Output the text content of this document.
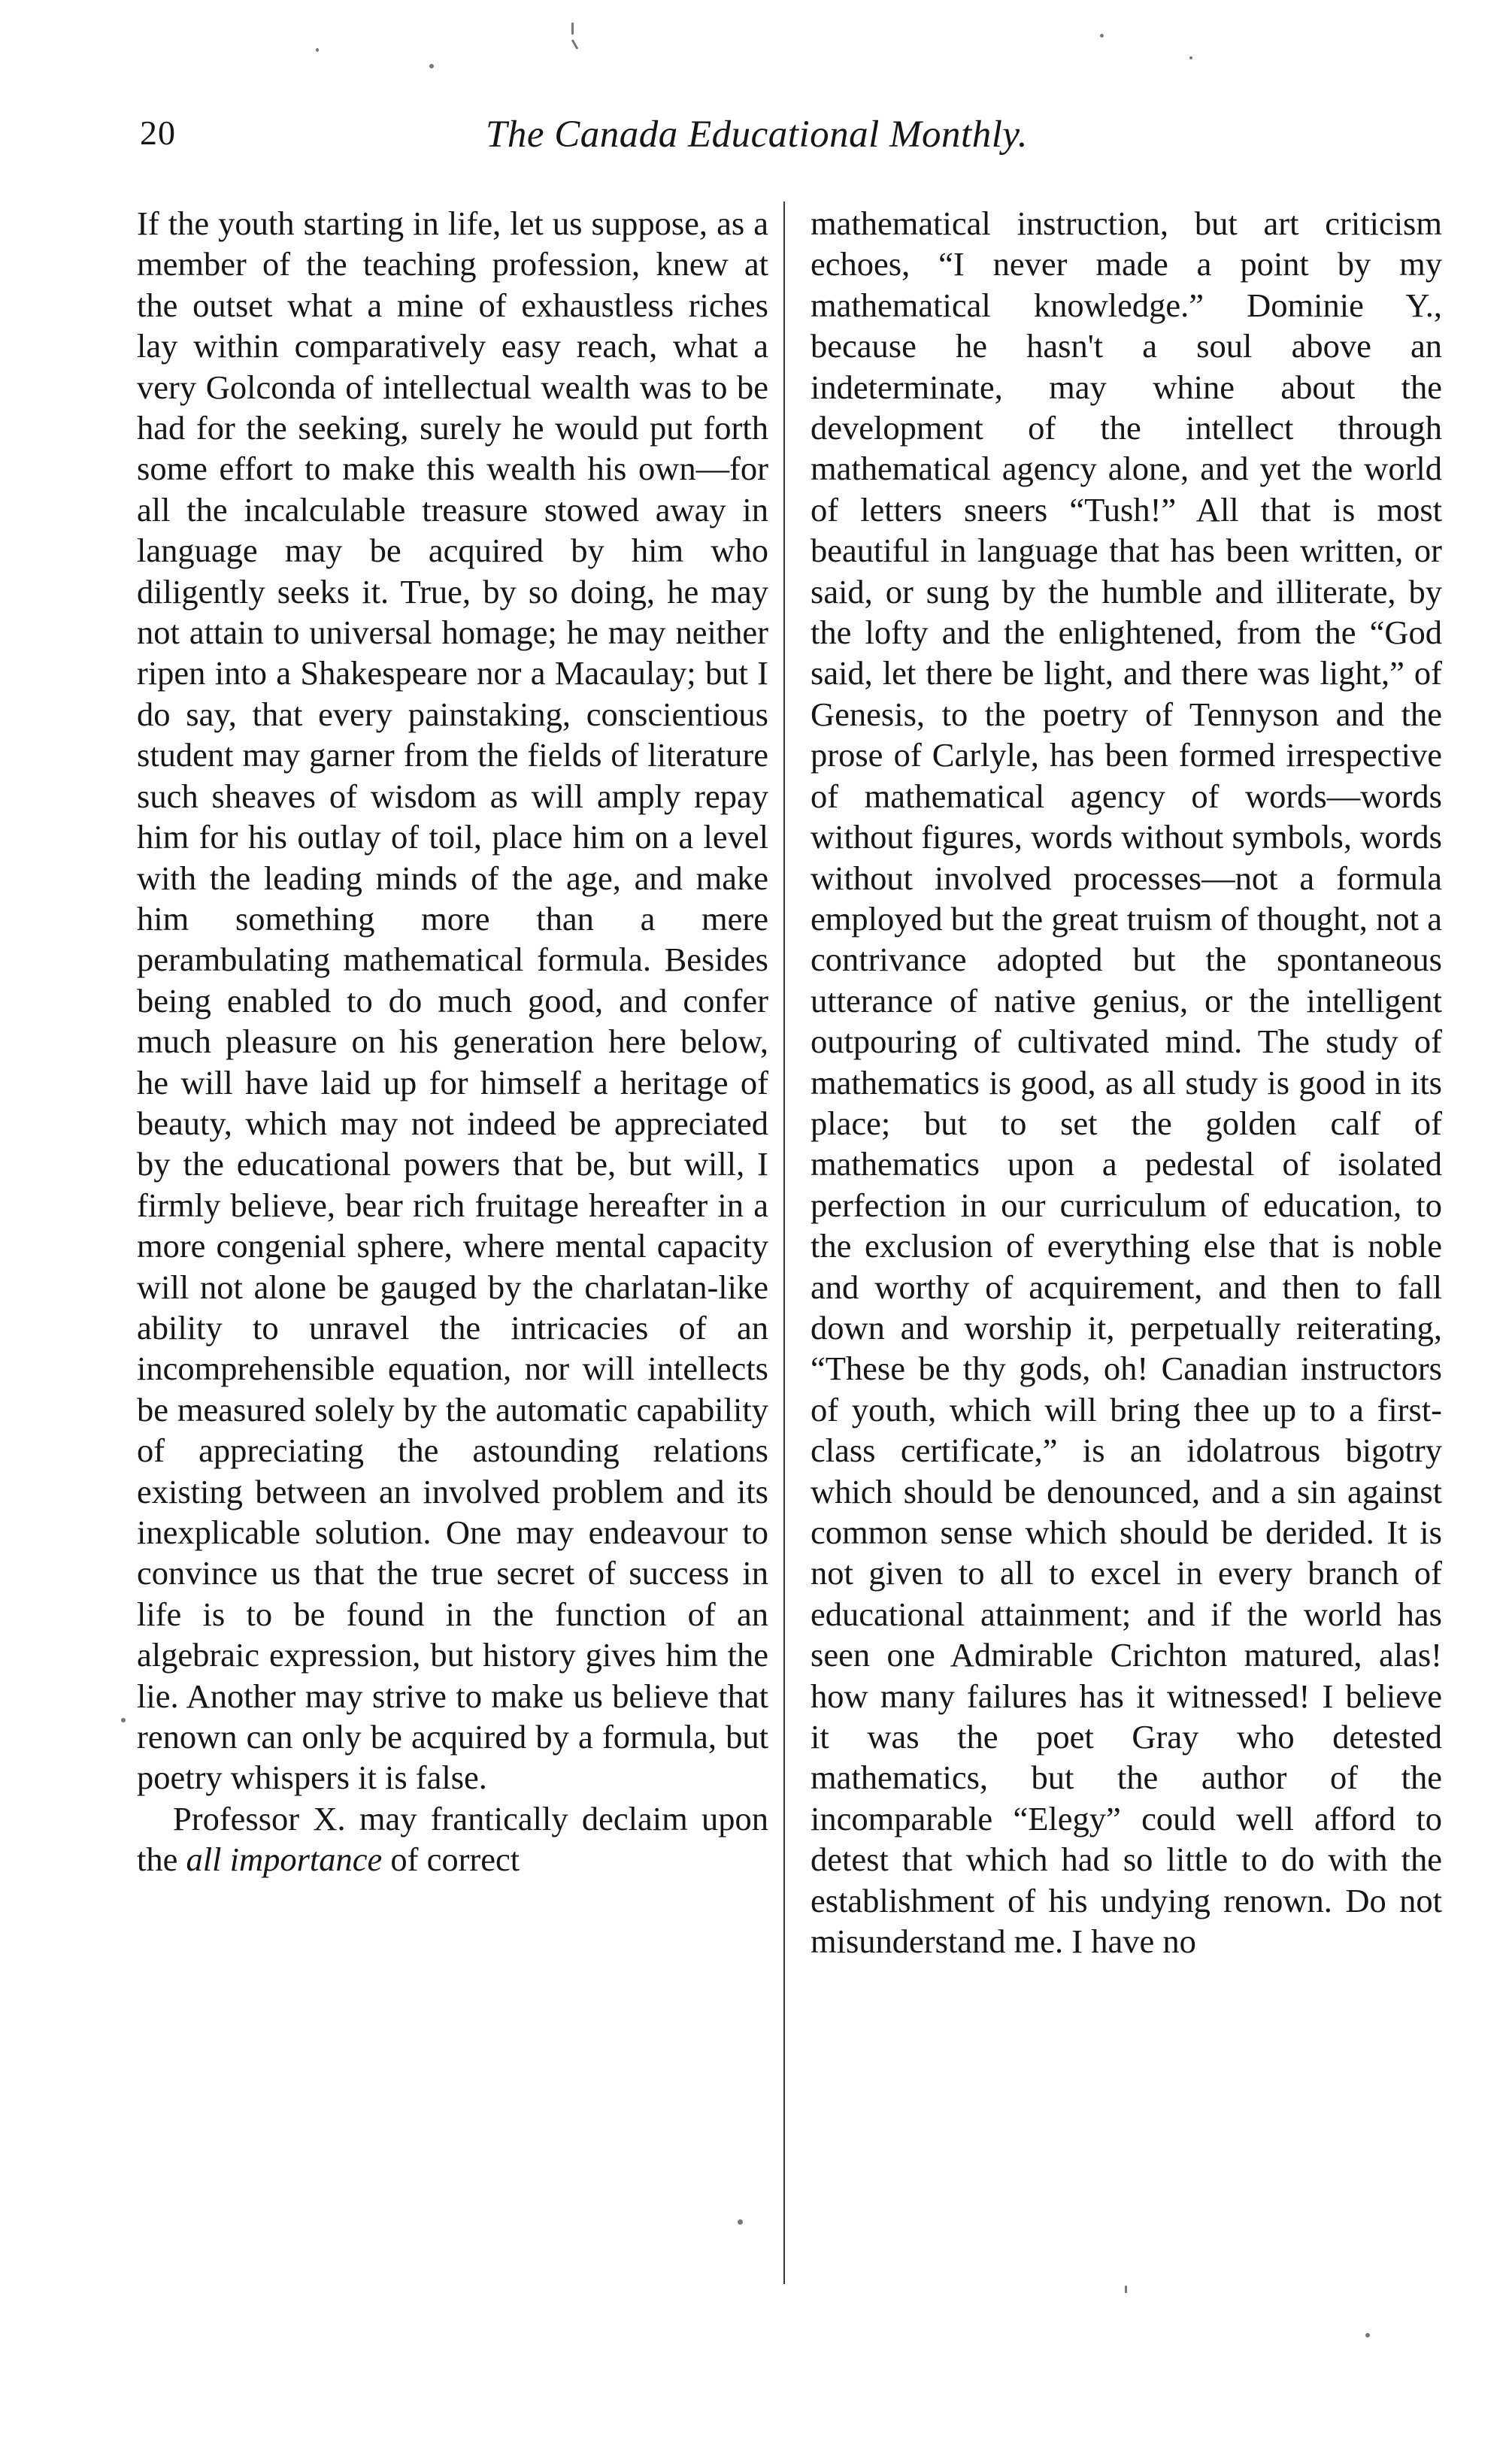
20	The Canada Educational Monthly.

If the youth starting in life, let us suppose, as a member of the teaching profession, knew at the outset what a mine of exhaustless riches lay within comparatively easy reach, what a very Golconda of intellectual wealth was to be had for the seeking, surely he would put forth some effort to make this wealth his own—for all the incalculable treasure stowed away in language may be acquired by him who diligently seeks it. True, by so doing, he may not attain to universal homage; he may neither ripen into a Shakespeare nor a Macaulay; but I do say, that every painstaking, conscientious student may garner from the fields of literature such sheaves of wisdom as will amply repay him for his outlay of toil, place him on a level with the leading minds of the age, and make him something more than a mere perambulating mathematical formula. Besides being enabled to do much good, and confer much pleasure on his generation here below, he will have laid up for himself a heritage of beauty, which may not indeed be appreciated by the educational powers that be, but will, I firmly believe, bear rich fruitage hereafter in a more congenial sphere, where mental capacity will not alone be gauged by the charlatan-like ability to unravel the intricacies of an incomprehensible equation, nor will intellects be measured solely by the automatic capability of appreciating the astounding relations existing between an involved problem and its inexplicable solution. One may endeavour to convince us that the true secret of success in life is to be found in the function of an algebraic expression, but history gives him the lie. Another may strive to make us believe that renown can only be acquired by a formula, but poetry whispers it is false.

Professor X. may frantically declaim upon the all importance of correct

mathematical instruction, but art criticism echoes, “I never made a point by my mathematical knowledge.” Dominie Y., because he hasn't a soul above an indeterminate, may whine about the development of the intellect through mathematical agency alone, and yet the world of letters sneers “Tush!” All that is most beautiful in language that has been written, or said, or sung by the humble and illiterate, by the lofty and the enlightened, from the “God said, let there be light, and there was light,” of Genesis, to the poetry of Tennyson and the prose of Carlyle, has been formed irrespective of mathematical agency of words—words without figures, words without symbols, words without involved processes—not a formula employed but the great truism of thought, not a contrivance adopted but the spontaneous utterance of native genius, or the intelligent outpouring of cultivated mind. The study of mathematics is good, as all study is good in its place; but to set the golden calf of mathematics upon a pedestal of isolated perfection in our curriculum of education, to the exclusion of everything else that is noble and worthy of acquirement, and then to fall down and worship it, perpetually reiterating, “These be thy gods, oh! Canadian instructors of youth, which will bring thee up to a first-class certificate,” is an idolatrous bigotry which should be denounced, and a sin against common sense which should be derided. It is not given to all to excel in every branch of educational attainment; and if the world has seen one Admirable Crichton matured, alas! how many failures has it witnessed! I believe it was the poet Gray who detested mathematics, but the author of the incomparable “Elegy” could well afford to detest that which had so little to do with the establishment of his undying renown. Do not misunderstand me. I have no
